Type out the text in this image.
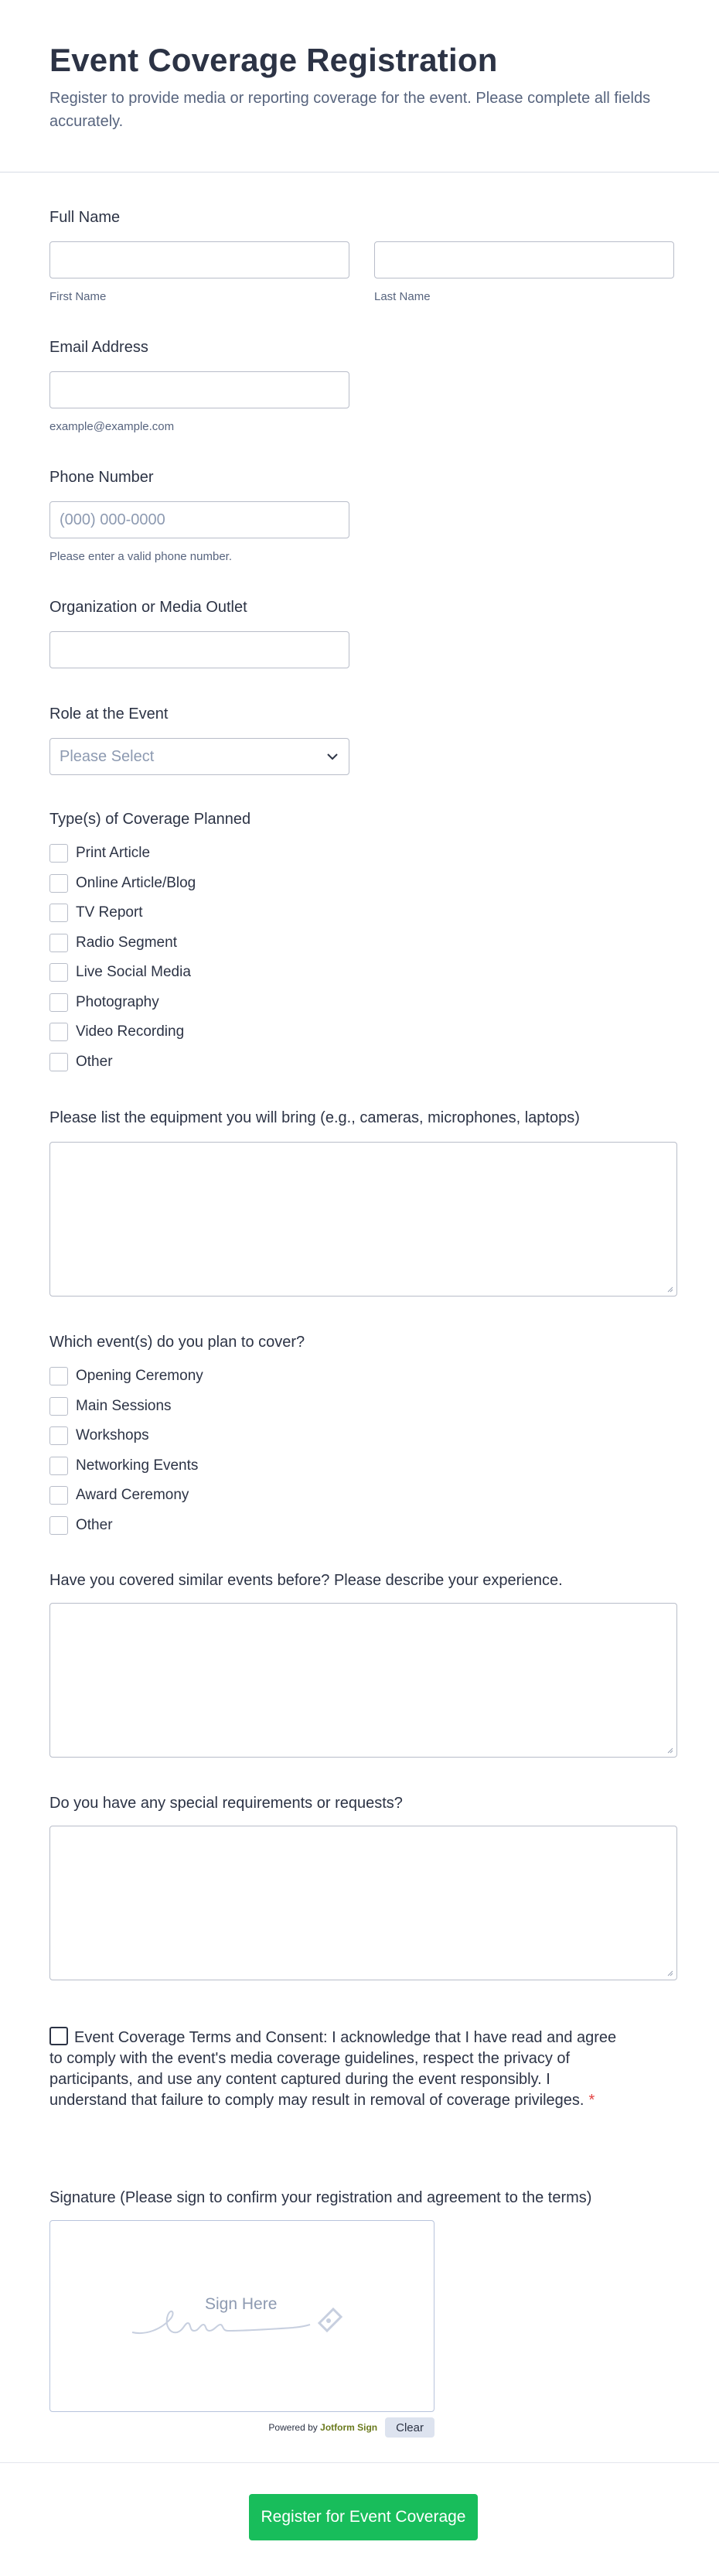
Event Coverage Registration

Register to provide media or reporting coverage for the event. Please complete all fields accurately.

Full Name
First Name	Last Name
Email Address
example@example.com
Phone Number
(000) 000-0000
Please enter a valid phone number.
Organization or Media Outlet
Role at the Event
Please Select
Type(s) of Coverage Planned
Print Article
Online Article/Blog
TV Report
Radio Segment
Live Social Media
Photography
Video Recording
Other
Please list the equipment you will bring (e.g., cameras, microphones, laptops)
Which event(s) do you plan to cover?
Opening Ceremony
Main Sessions
Workshops
Networking Events
Award Ceremony
Other
Have you covered similar events before? Please describe your experience.
Do you have any special requirements or requests?
Event Coverage Terms and Consent: I acknowledge that I have read and agree to comply with the event's media coverage guidelines, respect the privacy of participants, and use any content captured during the event responsibly. I understand that failure to comply may result in removal of coverage privileges. *
Signature (Please sign to confirm your registration and agreement to the terms)
Sign Here
Powered by Jotform Sign	Clear
Register for Event Coverage
